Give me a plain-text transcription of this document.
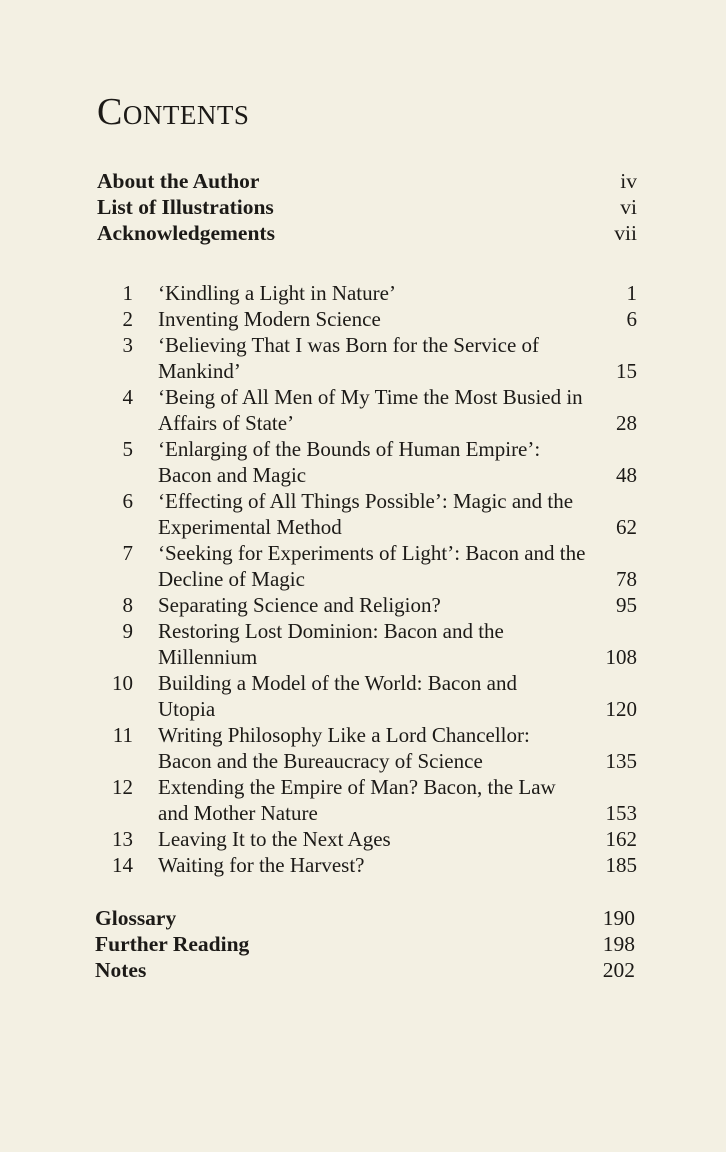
CONTENTS
About the Author	iv
List of Illustrations	vi
Acknowledgements	vii
1 ‘Kindling a Light in Nature’	1
2 Inventing Modern Science	6
3 ‘Believing That I was Born for the Service of
Mankind’	15
4 ‘Being of All Men of My Time the Most Busied in
Affairs of State’	28
5 ‘Enlarging of the Bounds of Human Empire’:
Bacon and Magic	48
6 ‘Effecting of All Things Possible’: Magic and the
Experimental Method	62
7 ‘Seeking for Experiments of Light’: Bacon and the
Decline of Magic	78
8 Separating Science and Religion?	95
9 Restoring Lost Dominion: Bacon and the
Millennium	108
10 Building a Model of the World: Bacon and
Utopia	120
11 Writing Philosophy Like a Lord Chancellor:
Bacon and the Bureaucracy of Science	135
12 Extending the Empire of Man? Bacon, the Law
and Mother Nature	153
13 Leaving It to the Next Ages	162
14 Waiting for the Harvest?	185
Glossary	190
Further Reading	198
Notes	202
